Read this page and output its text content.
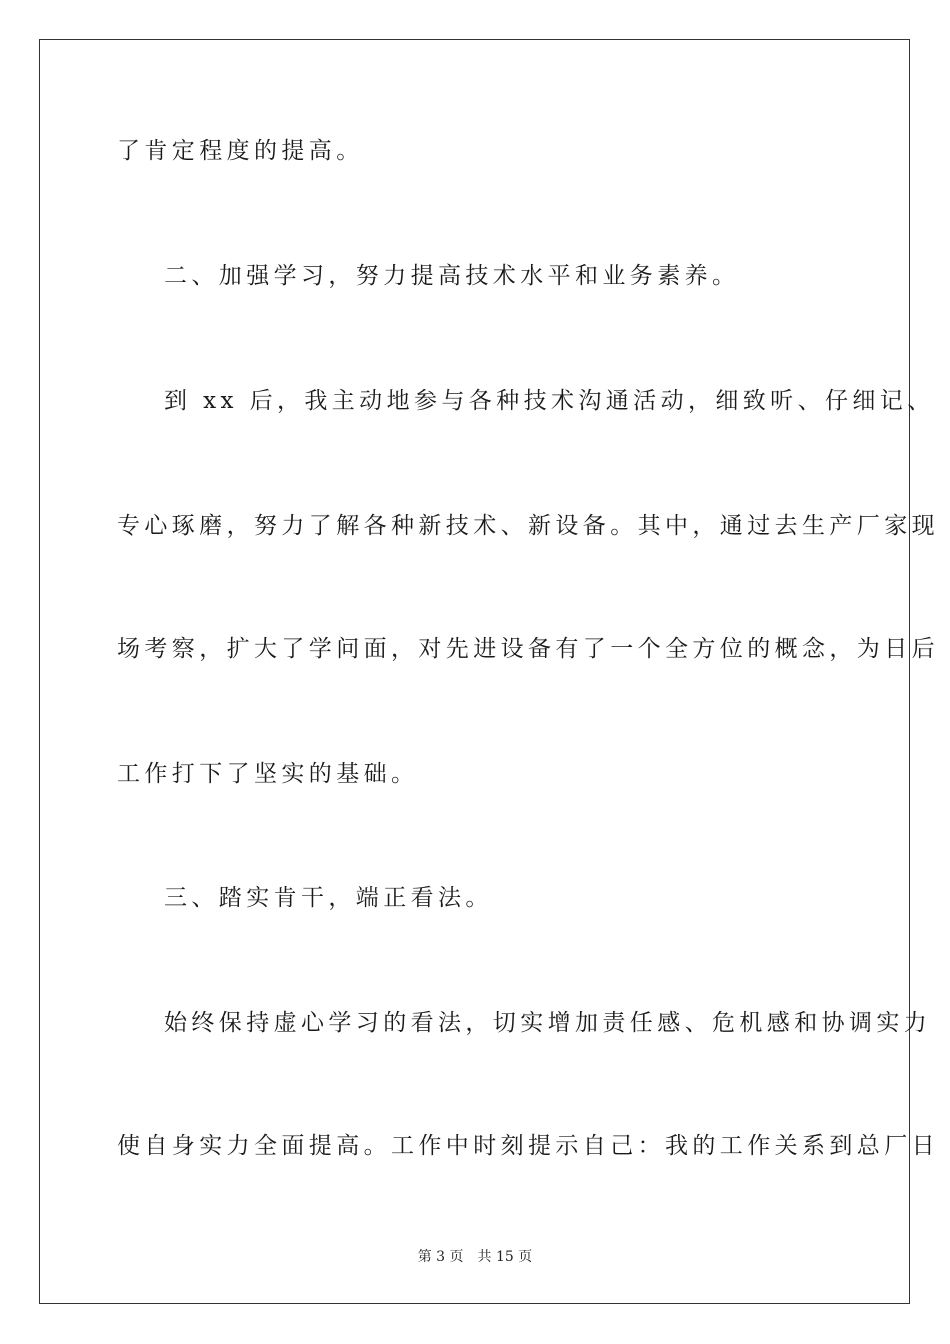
了肯定程度的提高。
二、加强学习，努力提高技术水平和业务素养。
到 xx 后，我主动地参与各种技术沟通活动，细致听、仔细记、
专心琢磨，努力了解各种新技术、新设备。其中，通过去生产厂家现
场考察，扩大了学问面，对先进设备有了一个全方位的概念，为日后
工作打下了坚实的基础。
三、踏实肯干，端正看法。
始终保持虚心学习的看法，切实增加责任感、危机感和协调实力
使自身实力全面提高。工作中时刻提示自己：我的工作关系到总厂日
第 3 页  共 15 页
